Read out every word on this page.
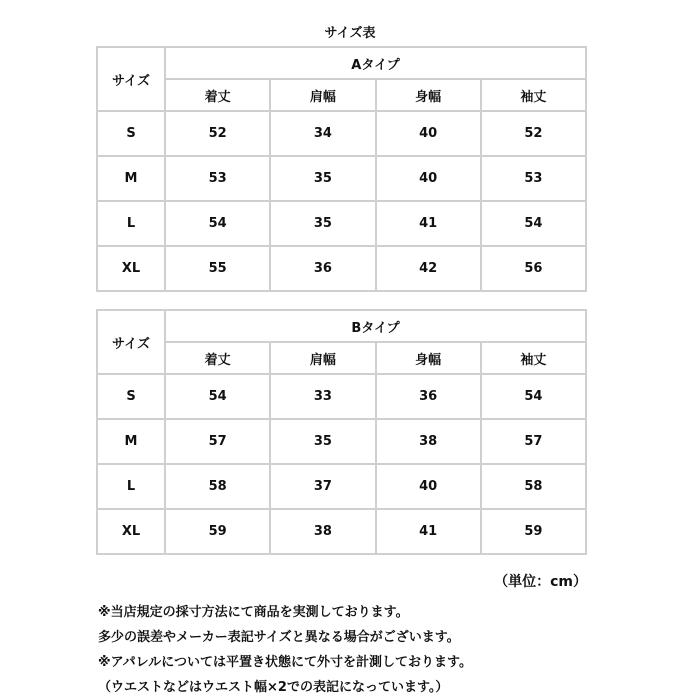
サイズ表
サイズ	Aタイプ			
	着丈	肩幅	身幅	袖丈
S	52	34	40	52
M	53	35	40	53
L	54	35	41	54
XL	55	36	42	56
サイズ	Bタイプ			
	着丈	肩幅	身幅	袖丈
S	54	33	36	54
M	57	35	38	57
L	58	37	40	58
XL	59	38	41	59
（単位：cm）
※当店規定の採寸方法にて商品を実測しております。
多少の誤差やメーカー表記サイズと異なる場合がございます。
※アパレルについては平置き状態にて外寸を計測しております。
（ウエストなどはウエスト幅×2での表記になっています。）
